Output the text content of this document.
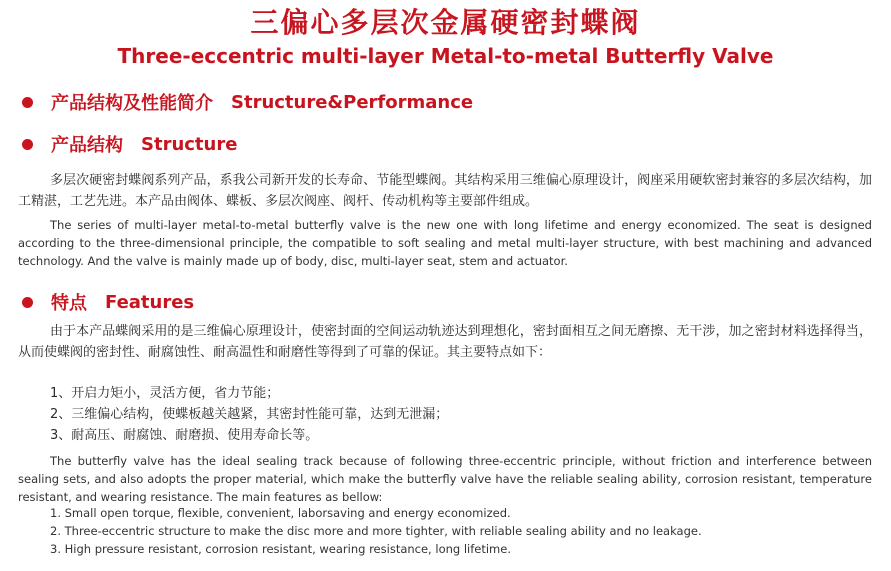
三偏心多层次金属硬密封蝶阀
Three-eccentric multi-layer Metal-to-metal Butterfly Valve
产品结构及性能简介 Structure&Performance
产品结构 Structure

多层次硬密封蝶阀系列产品，系我公司新开发的长寿命、节能型蝶阀。其结构采用三维偏心原理设计，阀座采用硬软密封兼容的多层次结构，加工精湛，工艺先进。本产品由阀体、蝶板、多层次阀座、阀杆、传动机构等主要部件组成。

The series of multi-layer metal-to-metal butterfly valve is the new one with long lifetime and energy economized. The seat is designed according to the three-dimensional principle, the compatible to soft sealing and metal multi-layer structure, with best machining and advanced technology. And the valve is mainly made up of body, disc, multi-layer seat, stem and actuator.

特点 Features

由于本产品蝶阀采用的是三维偏心原理设计，使密封面的空间运动轨迹达到理想化，密封面相互之间无磨擦、无干涉，加之密封材料选择得当，从而使蝶阀的密封性、耐腐蚀性、耐高温性和耐磨性等得到了可靠的保证。其主要特点如下：

1、开启力矩小，灵活方便，省力节能；
2、三维偏心结构，使蝶板越关越紧，其密封性能可靠，达到无泄漏；
3、耐高压、耐腐蚀、耐磨损、使用寿命长等。

The butterfly valve has the ideal sealing track because of following three-eccentric principle, without friction and interference between sealing sets, and also adopts the proper material, which make the butterfly valve have the reliable sealing ability, corrosion resistant, temperature resistant, and wearing resistance. The main features as bellow:

1. Small open torque, flexible, convenient, laborsaving and energy economized.
2. Three-eccentric structure to make the disc more and more tighter, with reliable sealing ability and no leakage.
3. High pressure resistant, corrosion resistant, wearing resistance, long lifetime.
